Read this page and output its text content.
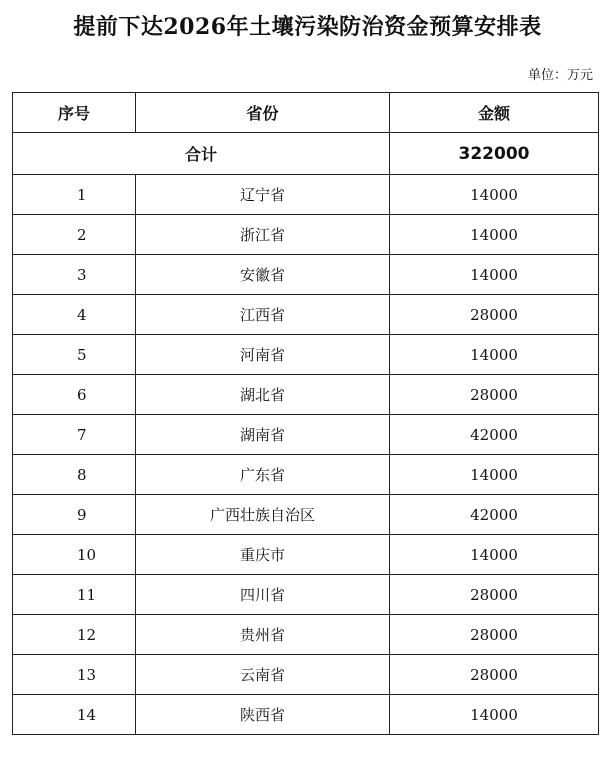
提前下达2026年土壤污染防治资金预算安排表
单位：万元
序号	省份	金额
合计		322000
1	辽宁省	14000
2	浙江省	14000
3	安徽省	14000
4	江西省	28000
5	河南省	14000
6	湖北省	28000
7	湖南省	42000
8	广东省	14000
9	广西壮族自治区	42000
10	重庆市	14000
11	四川省	28000
12	贵州省	28000
13	云南省	28000
14	陕西省	14000
